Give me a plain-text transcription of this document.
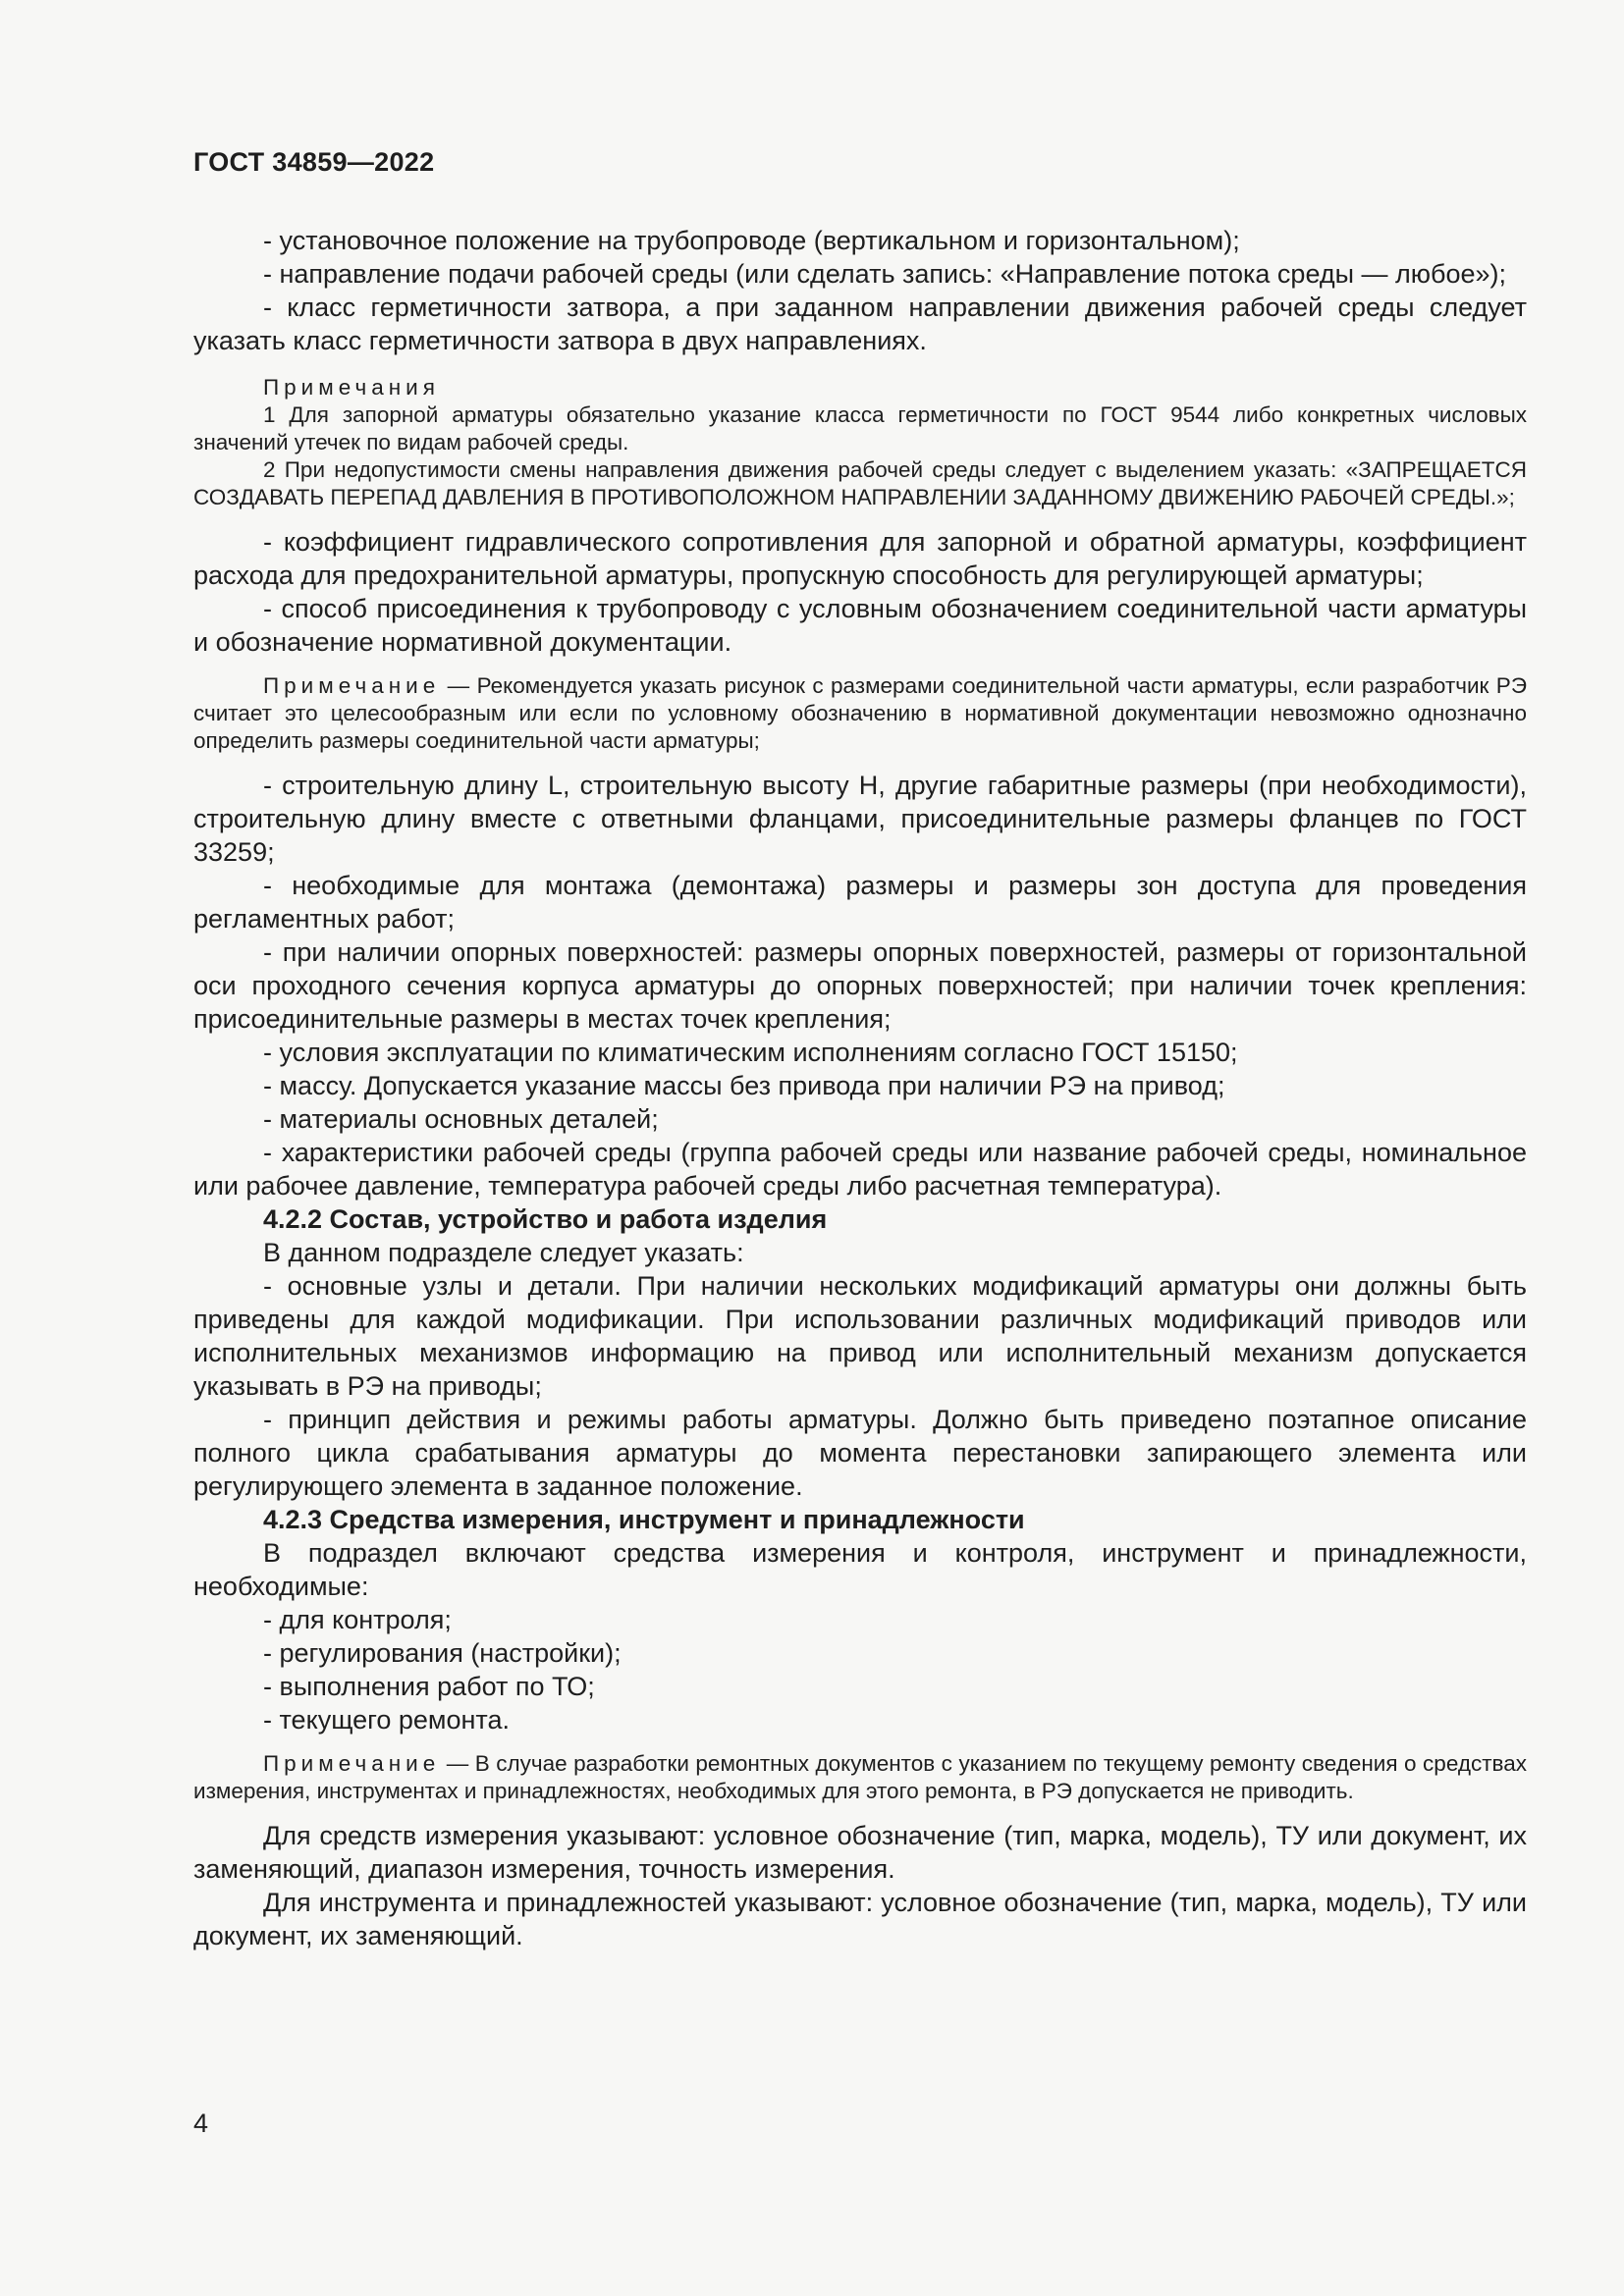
ГОСТ 34859—2022

- установочное положение на трубопроводе (вертикальном и горизонтальном);

- направление подачи рабочей среды (или сделать запись: «Направление потока среды — любое»);

- класс герметичности затвора, а при заданном направлении движения рабочей среды следует указать класс герметичности затвора в двух направлениях.

Примечания

1 Для запорной арматуры обязательно указание класса герметичности по ГОСТ 9544 либо конкретных числовых значений утечек по видам рабочей среды.

2 При недопустимости смены направления движения рабочей среды следует с выделением указать: «ЗАПРЕЩАЕТСЯ СОЗДАВАТЬ ПЕРЕПАД ДАВЛЕНИЯ В ПРОТИВОПОЛОЖНОМ НАПРАВЛЕНИИ ЗАДАННОМУ ДВИЖЕНИЮ РАБОЧЕЙ СРЕДЫ.»;

- коэффициент гидравлического сопротивления для запорной и обратной арматуры, коэффициент расхода для предохранительной арматуры, пропускную способность для регулирующей арматуры;

- способ присоединения к трубопроводу с условным обозначением соединительной части арматуры и обозначение нормативной документации.

Примечание — Рекомендуется указать рисунок с размерами соединительной части арматуры, если разработчик РЭ считает это целесообразным или если по условному обозначению в нормативной документации невозможно однозначно определить размеры соединительной части арматуры;

- строительную длину L, строительную высоту H, другие габаритные размеры (при необходимости), строительную длину вместе с ответными фланцами, присоединительные размеры фланцев по ГОСТ 33259;

- необходимые для монтажа (демонтажа) размеры и размеры зон доступа для проведения регламентных работ;

- при наличии опорных поверхностей: размеры опорных поверхностей, размеры от горизонтальной оси проходного сечения корпуса арматуры до опорных поверхностей; при наличии точек крепления: присоединительные размеры в местах точек крепления;

- условия эксплуатации по климатическим исполнениям согласно ГОСТ 15150;

- массу. Допускается указание массы без привода при наличии РЭ на привод;

- материалы основных деталей;

- характеристики рабочей среды (группа рабочей среды или название рабочей среды, номинальное или рабочее давление, температура рабочей среды либо расчетная температура).

4.2.2 Состав, устройство и работа изделия

В данном подразделе следует указать:

- основные узлы и детали. При наличии нескольких модификаций арматуры они должны быть приведены для каждой модификации. При использовании различных модификаций приводов или исполнительных механизмов информацию на привод или исполнительный механизм допускается указывать в РЭ на приводы;

- принцип действия и режимы работы арматуры. Должно быть приведено поэтапное описание полного цикла срабатывания арматуры до момента перестановки запирающего элемента или регулирующего элемента в заданное положение.

4.2.3 Средства измерения, инструмент и принадлежности

В подраздел включают средства измерения и контроля, инструмент и принадлежности, необходимые:

- для контроля;

- регулирования (настройки);

- выполнения работ по ТО;

- текущего ремонта.

Примечание — В случае разработки ремонтных документов с указанием по текущему ремонту сведения о средствах измерения, инструментах и принадлежностях, необходимых для этого ремонта, в РЭ допускается не приводить.

Для средств измерения указывают: условное обозначение (тип, марка, модель), ТУ или документ, их заменяющий, диапазон измерения, точность измерения.

Для инструмента и принадлежностей указывают: условное обозначение (тип, марка, модель), ТУ или документ, их заменяющий.

4
